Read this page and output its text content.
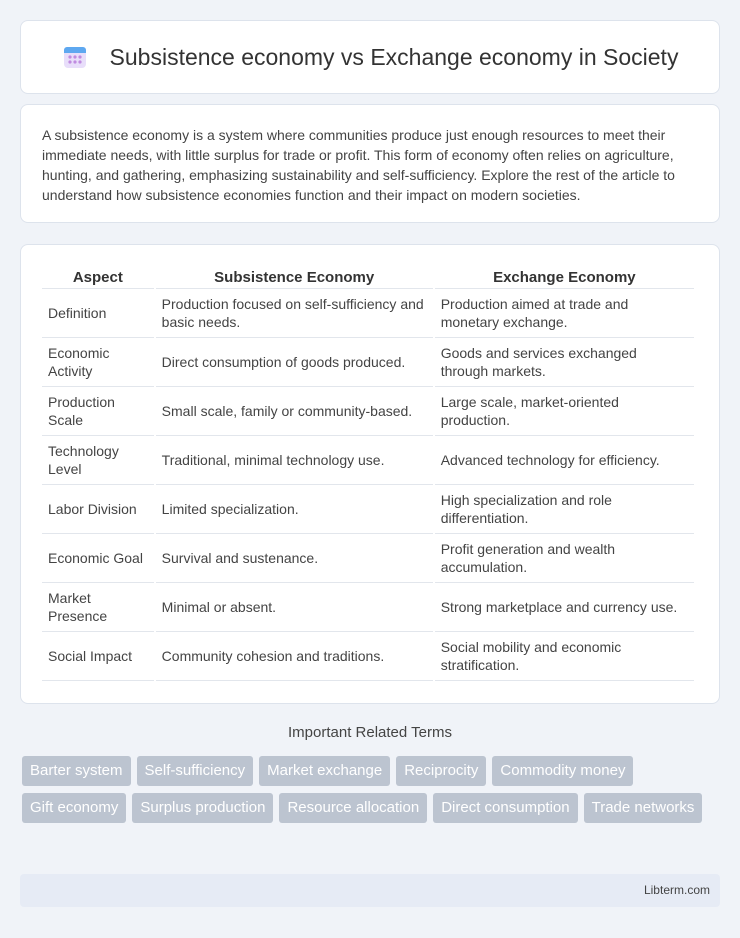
Subsistence economy vs Exchange economy in Society

A subsistence economy is a system where communities produce just enough resources to meet their immediate needs, with little surplus for trade or profit. This form of economy often relies on agriculture, hunting, and gathering, emphasizing sustainability and self-sufficiency. Explore the rest of the article to understand how subsistence economies function and their impact on modern societies.

Aspect	Subsistence Economy	Exchange Economy
Definition	Production focused on self-sufficiency and basic needs.	Production aimed at trade and monetary exchange.
Economic Activity	Direct consumption of goods produced.	Goods and services exchanged through markets.
Production Scale	Small scale, family or community-based.	Large scale, market-oriented production.
Technology Level	Traditional, minimal technology use.	Advanced technology for efficiency.
Labor Division	Limited specialization.	High specialization and role differentiation.
Economic Goal	Survival and sustenance.	Profit generation and wealth accumulation.
Market Presence	Minimal or absent.	Strong marketplace and currency use.
Social Impact	Community cohesion and traditions.	Social mobility and economic stratification.
Important Related Terms
Barter system	Self-sufficiency	Market exchange	Reciprocity	Commodity money
Gift economy	Surplus production	Resource allocation	Direct consumption	Trade networks
Libterm.com
